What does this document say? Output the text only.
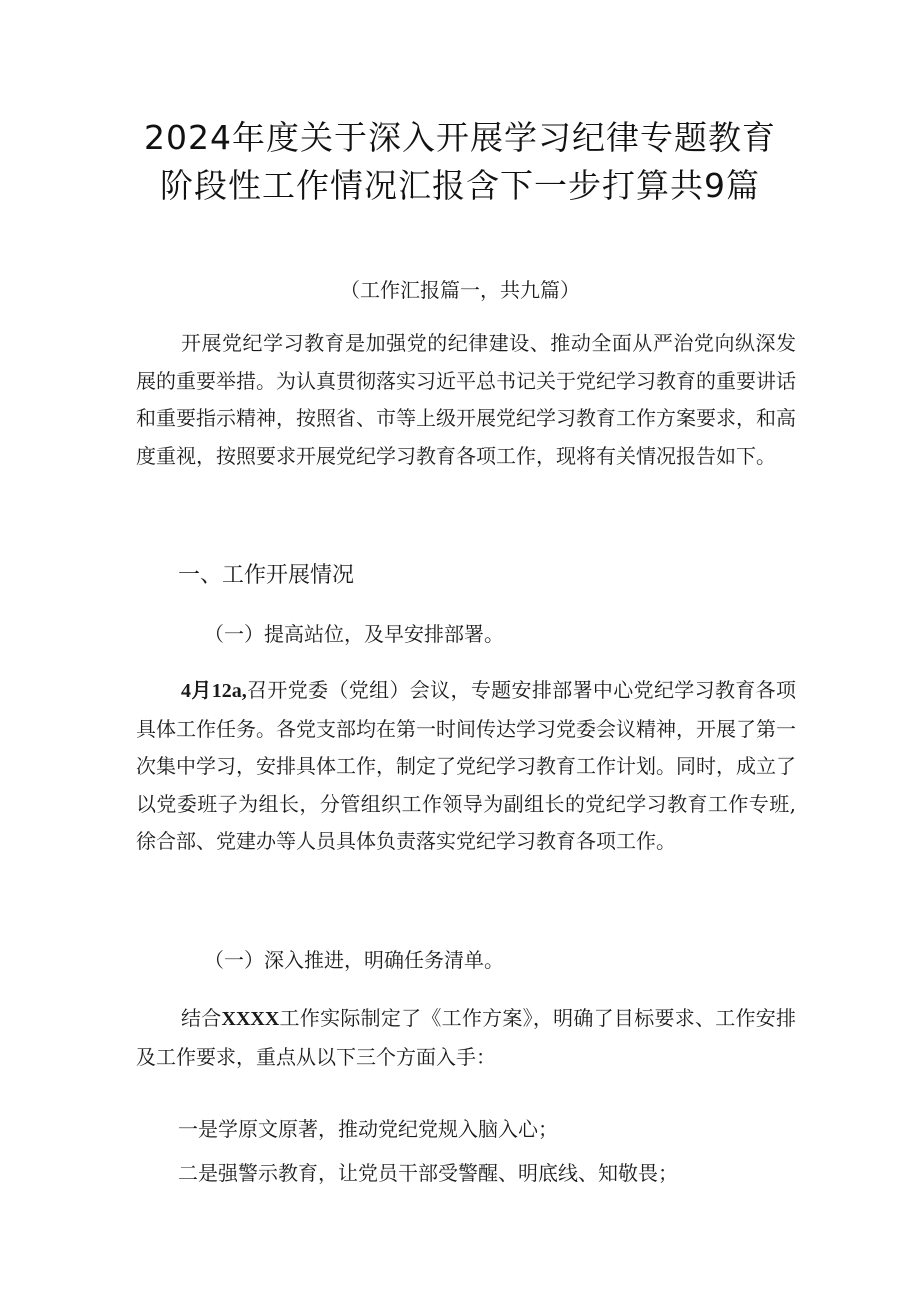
2024年度关于深入开展学习纪律专题教育
阶段性工作情况汇报含下一步打算共9篇
（工作汇报篇一，共九篇）
开展党纪学习教育是加强党的纪律建设、推动全面从严治党向纵深发展的重要举措。为认真贯彻落实习近平总书记关于党纪学习教育的重要讲话和重要指示精神，按照省、市等上级开展党纪学习教育工作方案要求，和高度重视，按照要求开展党纪学习教育各项工作，现将有关情况报告如下。
一、工作开展情况
（一）提高站位，及早安排部署。
4月12a,召开党委（党组）会议，专题安排部署中心党纪学习教育各项具体工作任务。各党支部均在第一时间传达学习党委会议精神，开展了第一次集中学习，安排具体工作，制定了党纪学习教育工作计划。同时，成立了以党委班子为组长，分管组织工作领导为副组长的党纪学习教育工作专班,徐合部、党建办等人员具体负责落实党纪学习教育各项工作。
（一）深入推进，明确任务清单。
结合XXXX工作实际制定了《工作方案》，明确了目标要求、工作安排及工作要求，重点从以下三个方面入手：
一是学原文原著，推动党纪党规入脑入心；
二是强警示教育，让党员干部受警醒、明底线、知敬畏；
